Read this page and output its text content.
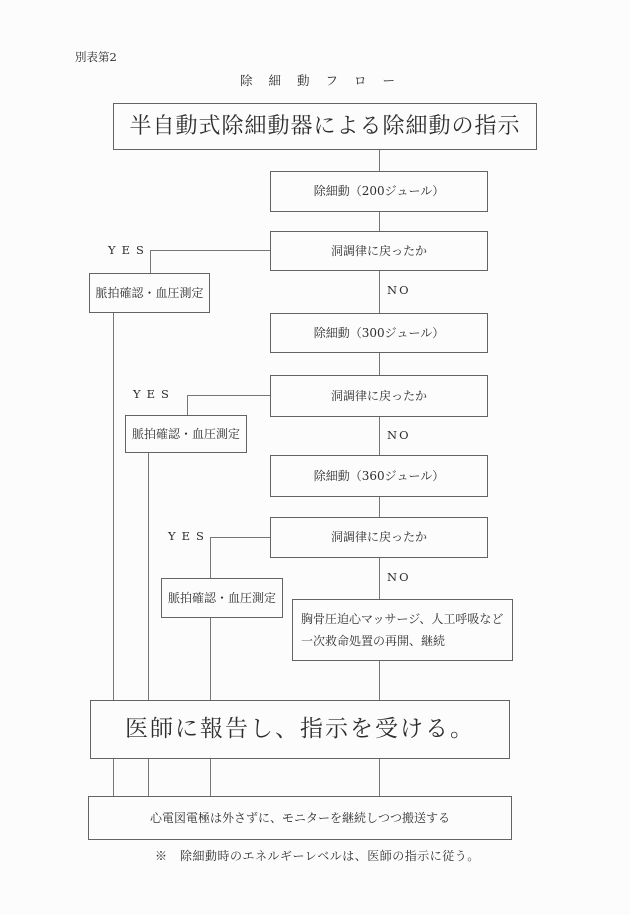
別表第2
除細動フロー
半自動式除細動器による除細動の指示
除細動（200ジュール）
洞調律に戻ったか
脈拍確認・血圧測定
除細動（300ジュール）
洞調律に戻ったか
脈拍確認・血圧測定
除細動（360ジュール）
洞調律に戻ったか
脈拍確認・血圧測定
胸骨圧迫心マッサージ、人工呼吸など
一次救命処置の再開、継続
医師に報告し、指示を受ける。
心電図電極は外さずに、モニターを継続しつつ搬送する
YES
YES
YES
NO
NO
NO
※　除細動時のエネルギーレベルは、医師の指示に従う。
